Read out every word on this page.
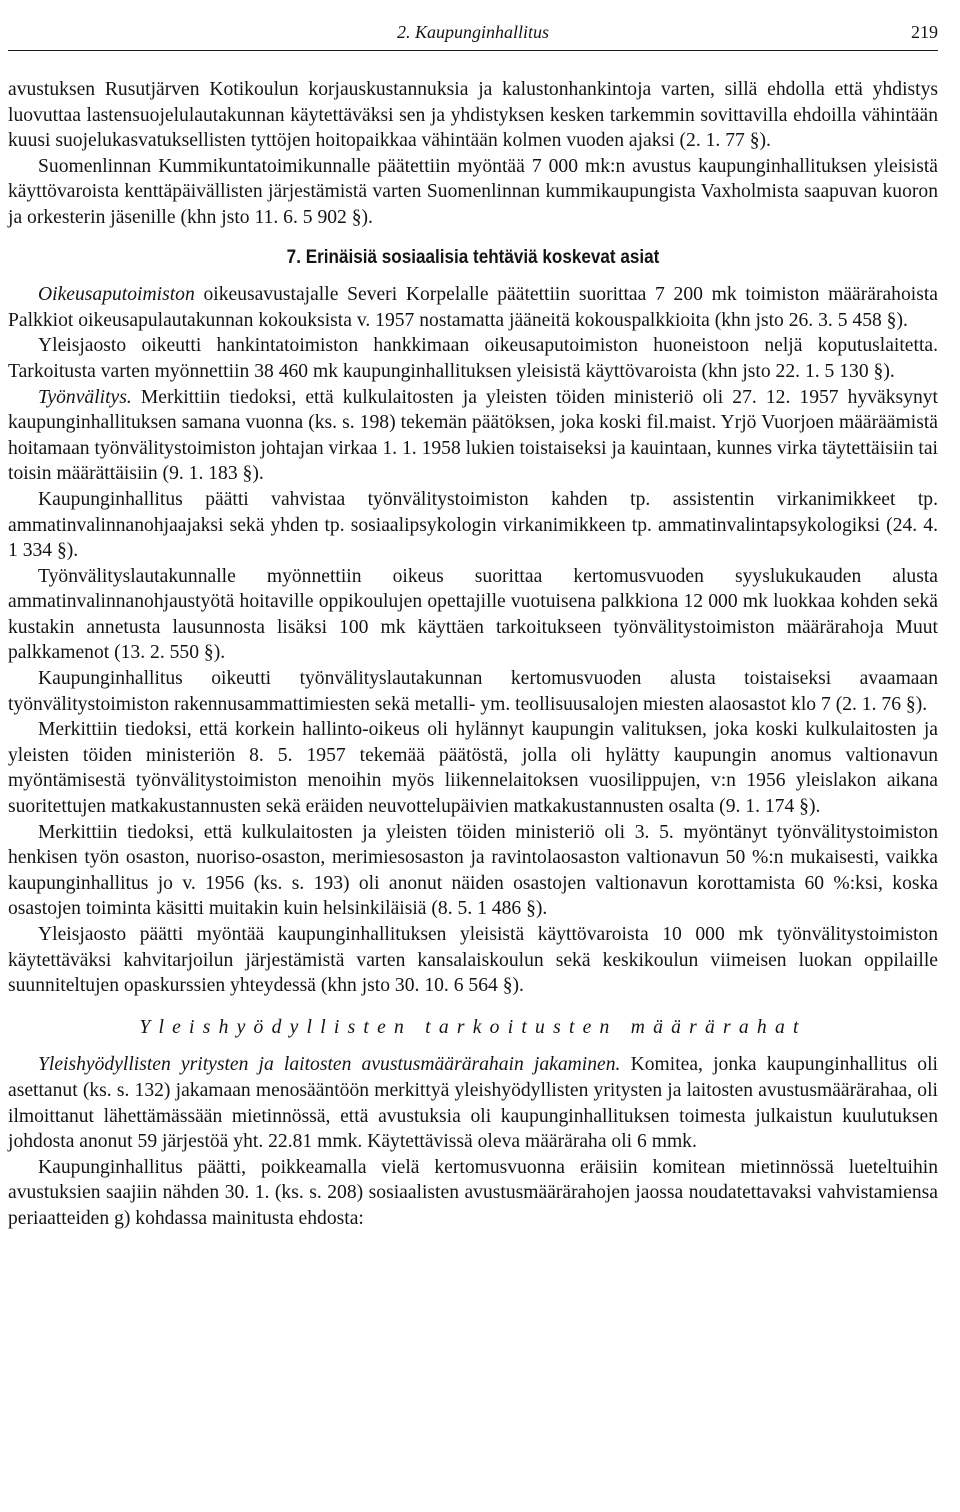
2. Kaupunginhallitus	219

avustuksen Rusutjärven Kotikoulun korjauskustannuksia ja kalustonhankintoja varten, sillä ehdolla että yhdistys luovuttaa lastensuojelulautakunnan käytettäväksi sen ja yhdistyksen kesken tarkemmin sovittavilla ehdoilla vähintään kuusi suojelukasvatuksellisten tyttöjen hoitopaikkaa vähintään kolmen vuoden ajaksi (2. 1. 77 §).

Suomenlinnan Kummikuntatoimikunnalle päätettiin myöntää 7 000 mk:n avustus kaupunginhallituksen yleisistä käyttövaroista kenttäpäivällisten järjestämistä varten Suomenlinnan kummikaupungista Vaxholmista saapuvan kuoron ja orkesterin jäsenille (khn jsto 11. 6. 5 902 §).

7. Erinäisiä sosiaalisia tehtäviä koskevat asiat

Oikeusaputoimiston oikeusavustajalle Severi Korpelalle päätettiin suorittaa 7 200 mk toimiston määrärahoista Palkkiot oikeusapulautakunnan kokouksista v. 1957 nostamatta jääneitä kokouspalkkioita (khn jsto 26. 3. 5 458 §).

Yleisjaosto oikeutti hankintatoimiston hankkimaan oikeusaputoimiston huoneistoon neljä koputuslaitetta. Tarkoitusta varten myönnettiin 38 460 mk kaupunginhallituksen yleisistä käyttövaroista (khn jsto 22. 1. 5 130 §).

Työnvälitys. Merkittiin tiedoksi, että kulkulaitosten ja yleisten töiden ministeriö oli 27. 12. 1957 hyväksynyt kaupunginhallituksen samana vuonna (ks. s. 198) tekemän päätöksen, joka koski fil.maist. Yrjö Vuorjoen määräämistä hoitamaan työnvälitystoimiston johtajan virkaa 1. 1. 1958 lukien toistaiseksi ja kauintaan, kunnes virka täytettäisiin tai toisin määrättäisiin (9. 1. 183 §).

Kaupunginhallitus päätti vahvistaa työnvälitystoimiston kahden tp. assistentin virkanimikkeet tp. ammatinvalinnanohjaajaksi sekä yhden tp. sosiaalipsykologin virkanimikkeen tp. ammatinvalintapsykologiksi (24. 4. 1 334 §).

Työnvälityslautakunnalle myönnettiin oikeus suorittaa kertomusvuoden syyslukukauden alusta ammatinvalinnanohjaustyötä hoitaville oppikoulujen opettajille vuotuisena palkkiona 12 000 mk luokkaa kohden sekä kustakin annetusta lausunnosta lisäksi 100 mk käyttäen tarkoitukseen työnvälitystoimiston määrärahoja Muut palkkamenot (13. 2. 550 §).

Kaupunginhallitus oikeutti työnvälityslautakunnan kertomusvuoden alusta toistaiseksi avaamaan työnvälitystoimiston rakennusammattimiesten sekä metalli- ym. teollisuusalojen miesten alaosastot klo 7 (2. 1. 76 §).

Merkittiin tiedoksi, että korkein hallinto-oikeus oli hylännyt kaupungin valituksen, joka koski kulkulaitosten ja yleisten töiden ministeriön 8. 5. 1957 tekemää päätöstä, jolla oli hylätty kaupungin anomus valtionavun myöntämisestä työnvälitystoimiston menoihin myös liikennelaitoksen vuosilippujen, v:n 1956 yleislakon aikana suoritettujen matkakustannusten sekä eräiden neuvottelupäivien matkakustannusten osalta (9. 1. 174 §).

Merkittiin tiedoksi, että kulkulaitosten ja yleisten töiden ministeriö oli 3. 5. myöntänyt työnvälitystoimiston henkisen työn osaston, nuoriso-osaston, merimiesosaston ja ravintolaosaston valtionavun 50 %:n mukaisesti, vaikka kaupunginhallitus jo v. 1956 (ks. s. 193) oli anonut näiden osastojen valtionavun korottamista 60 %:ksi, koska osastojen toiminta käsitti muitakin kuin helsinkiläisiä (8. 5. 1 486 §).

Yleisjaosto päätti myöntää kaupunginhallituksen yleisistä käyttövaroista 10 000 mk työnvälitystoimiston käytettäväksi kahvitarjoilun järjestämistä varten kansalaiskoulun sekä keskikoulun viimeisen luokan oppilaille suunniteltujen opaskurssien yhteydessä (khn jsto 30. 10. 6 564 §).

Yleishyödyllisten tarkoitusten määrärahat

Yleishyödyllisten yritysten ja laitosten avustusmäärärahain jakaminen. Komitea, jonka kaupunginhallitus oli asettanut (ks. s. 132) jakamaan menosääntöön merkittyä yleishyödyllisten yritysten ja laitosten avustusmäärärahaa, oli ilmoittanut lähettämässään mietinnössä, että avustuksia oli kaupunginhallituksen toimesta julkaistun kuulutuksen johdosta anonut 59 järjestöä yht. 22.81 mmk. Käytettävissä oleva määräraha oli 6 mmk.

Kaupunginhallitus päätti, poikkeamalla vielä kertomusvuonna eräisiin komitean mietinnössä lueteltuihin avustuksien saajiin nähden 30. 1. (ks. s. 208) sosiaalisten avustusmäärärahojen jaossa noudatettavaksi vahvistamiensa periaatteiden g) kohdassa mainitusta ehdosta:
